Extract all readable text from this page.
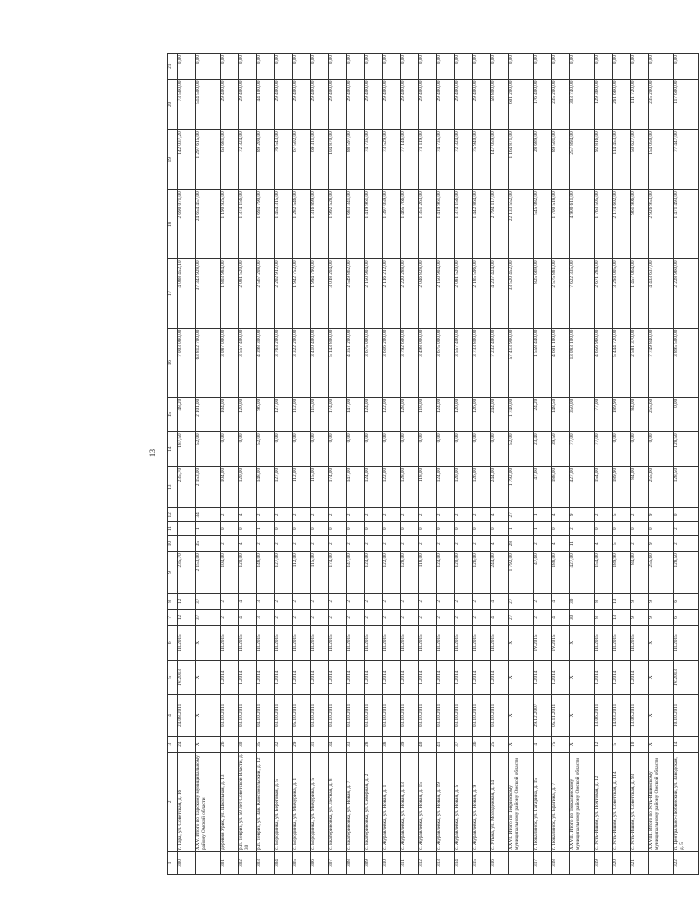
13
1	2	3	4	5	6	7	8	9	10	11	12	13	14	15	16	17	18	19	20	21
300	г. Тара, ул. Советская, д. 16	24	24.08.2011	IV.2013	III.2015	12	12	235,70				235,70	187,50	48,20	7 003 080,00	4 088 452,10	2 690 071,00	142 037,20	73 560,00	0,00
	XXV. Итого по Тарскому муниципальному району Омской области	X	X	X	X	37	37	2 153,00	35	1	34	2 153,00	52,00	2 101,00	63 812 700,00	37 343 928,00	24 654 457,00	1 297 615,00	514 500,00	0,00
301	деревня Урик, ул. Школьная, д. 13	26	03.10.2011	I.2014	III.2015	2	2	104,00	2	0	2	104,00	0,00	104,00	3 087 000,00	1 803 984,00	1 190 925,00	63 681,00	29 400,00	0,00
302	р.п. Тевриз, ул. 50 лет Советской Власти, д. 30	30	03.10.2011	I.2014	III.2015	4	4	120,00	4	0	4	120,00	0,00	120,00	3 557 400,00	2 081 520,00	1 374 156,00	72 324,00	29 400,00	0,00
303	р.п. Тевриз, ул. Зав. Комсомольский, д. 12	35	04.10.2011	I.2014	III.2015	3	3	148,00	2	1	2	148,00	52,00	96,00	4 398 300,00	2 567 208,00	1 694 790,00	89 200,00	44 100,00	0,00
304	с. Бородинка, ул. Береговая, д. 5	32	03.10.2011	I.2014	III.2015	2	2	127,00	2	0	2	127,00	0,00	127,00	3 763 200,00	2 202 912,00	1 454 315,00	76 543,00	29 400,00	0,00
305	с. Бородинка, ул. Мичурина, д. 1	29	05.10.2011	I.2014	III.2015	2	2	112,00	2	0	2	112,00	0,00	112,00	3 322 200,00	1 942 752,00	1 282 546,00	67 502,00	29 400,00	0,00
306	с. Бородинка, ул. Мичурина, д. 5	31	03.10.2011	I.2014	III.2015	2	2	115,00	2	0	2	115,00	0,00	115,00	3 410 400,00	1 994 790,00	1 316 899,00	69 311,00	29 400,00	0,00
307	с. Екатериновка, ул. Лесная, д. 8	34	03.10.2011	I.2014	III.2015	2	2	174,00	2	0	2	174,00	0,00	174,00	5 143 800,00	3 018 204,00	1 992 528,00	104 870,00	29 400,00	0,00
308	с. Екатериновка, ул. Новая, д. 7	33	03.10.2011	I.2014	III.2015	2	2	147,00	2	0	2	147,00	0,00	147,00	4 351 200,00	2 549 862,00	1 683 341,00	88 597,00	29 400,00	0,00
309	с. Екатериновка, ул. Северная, д. 2	28	03.10.2011	I.2014	III.2015	2	2	124,00	2	0	2	124,00	0,00	124,00	3 675 000,00	2 150 904,00	1 419 961,00	74 735,00	29 400,00	0,00
310	с. Журавлевка, ул. Новая, д. 1	38	03.10.2011	I.2014	III.2015	2	2	122,00	2	0	2	122,00	0,00	122,00	3 616 200,00	2 116 212,00	1 397 059,00	73 529,00	29 400,00	0,00
311	с. Журавлевка, ул. Новая, д. 13	39	03.10.2011	I.2014	III.2015	2	2	128,00	2	0	2	128,00	0,00	128,00	3 792 600,00	2 220 288,00	1 465 766,00	77 146,00	29 400,00	0,00
312	с. Журавлевка, ул. Новая, д. 15	40	03.10.2011	I.2014	III.2015	2	2	118,00	2	0	2	118,00	0,00	118,00	3 498 000,00	2 046 828,00	1 351 263,00	71 119,00	29 400,00	0,00
313	с. Журавлевка, ул. Новая, д. 19	41	03.10.2011	I.2014	III.2015	2	2	124,00	2	0	2	124,00	0,00	124,00	3 675 000,00	2 150 904,00	1 419 961,00	74 735,00	29 400,00	0,00
314	с. Журавлевка, ул. Новая, д. 5	37	03.10.2011	I.2014	III.2015	2	2	120,00	2	0	2	120,00	0,00	120,00	3 557 400,00	2 081 520,00	1 374 156,00	72 324,00	29 400,00	0,00
315	с. Журавлевка, ул. Новая, д. 9	36	03.10.2011	I.2014	III.2015	2	2	126,00	2	0	2	126,00	0,00	126,00	3 733 800,00	2 185 596,00	1 442 864,00	75 940,00	29 400,00	0,00
316	с. Утьма, ул. Молодежная, д. 14	25	03.10.2011	I.2014	III.2015	4	4	244,00	4	0	4	244,00	0,00	244,00	7 232 400,00	4 237 424,00	2 794 117,00	147 059,00	58 800,00	0,00
	XXVI. Итого по Тевризскому муниципальному району Омской области	X	X	X	X	27	27	1 792,00	28	1	27	1 792,00	52,00	1 740,00	57 413 900,00	33 520 452,00	22 133 552,00	1 164 871,00	601 200,00	0,00
317	г. Тюкалинск, ул. Гагарина, д. 15	4	29.12.2007	I.2014	IV.2015	2	2	47,60	2	1	1	47,60	23,40	24,20	1 558 440,00	825 669,00	545 082,00	28 689,00	176 400,00	0,00
318	г. Тюкалинск, ул. Брагина, д. 7	75	05.11.2011	I.2014	IV.2015	4	4	188,00	4	0	4	188,00	39,50	148,50	4 601 100,00	2 575 881,00	1 700 518,00	89 501,00	235 200,00	0,00
	XXVII. Итого по Тюкалинскому муниципальному району Омской области	X	X	X	X	30	30	427,00	11	2	9	427,00	77,00	350,00	13 083 100,00	7 622 335,00	4 900 611,00	257 894,00	303 740,00	0,00
319	с. Усть-Ишим, ул. Почтовая, д. 12	12	13.06.2011	I.2014	III.2015	8	8	154,00	4	0	2	154,00	77,00	77,00	4 656 960,00	2 671 284,00	1 763 505,00	92 816,00	129 360,00	0,00
320	с. Усть-Ишим, ул. Советская, д. 114	5	14.03.2011	I.2014	III.2015	13	13	189,90	5	0	5	189,90	0,00	189,90	5 444 720,00	3 294 005,00	2 174 602,00	114 453,00	261 660,00	0,00
321	с. Усть-Ишим, ул. Советская, д. 93	10	13.06.2011	I.2014	III.2015	9	9	84,00	2	0	2	84,00	0,00	84,00	2 581 370,00	1 457 064,00	961 906,00	50 627,00	111 720,00	0,00
	XXVIII. Итого по Усть-Ишимскому муниципальному району Омской области	X	X	X	X	9	9	255,60	9	0	9	255,60	0,00	255,60	7 749 840,00	4 433 637,00	2 926 953,00	154 050,00	235 200,00	0,00
322	п. Центрально-Любинский, ул. Заводская, д. 5	14	10.10.2011	IV.2013	III.2015	6	6	128,50	2	2	0	128,50	128,50	0,00	3 895 500,00	2 228 960,00	1 471 493,00	77 447,00	117 600,00	0,00
